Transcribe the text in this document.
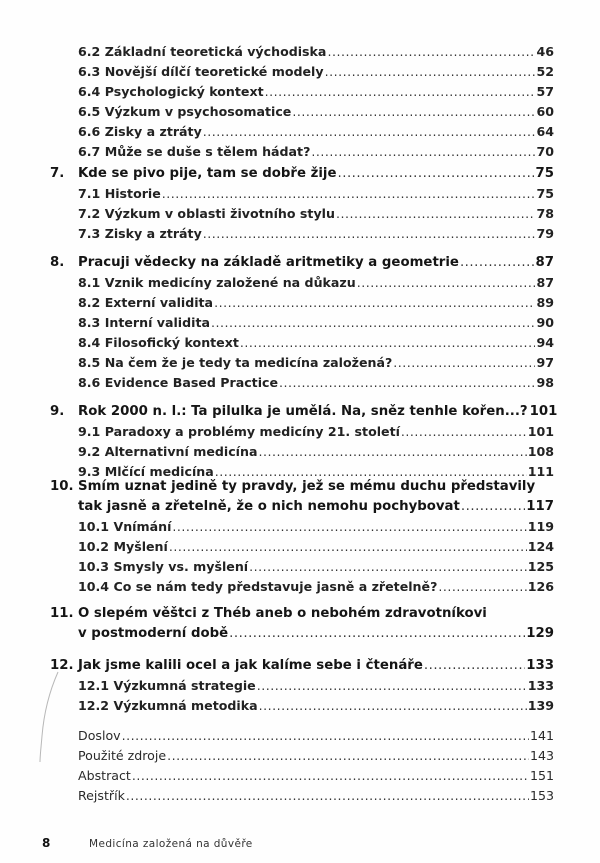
6.2 Základní teoretická východiska .....	46
6.3 Novější dílčí teoretické modely .....	52
6.4 Psychologický kontext .....	57
6.5 Výzkum v psychosomatice .....	60
6.6 Zisky a ztráty .....	64
6.7 Může se duše s tělem hádat? .....	70
7.	Kde se pivo pije, tam se dobře žije .....	75
7.1 Historie .....	75
7.2 Výzkum v oblasti životního stylu .....	78
7.3 Zisky a ztráty .....	79
8.	Pracuji vědecky na základě aritmetiky a geometrie .....	87
8.1 Vznik medicíny založené na důkazu .....	87
8.2 Externí validita .....	89
8.3 Interní validita .....	90
8.4 Filosofický kontext .....	94
8.5 Na čem že je tedy ta medicína založená? .....	97
8.6 Evidence Based Practice .....	98
9.	Rok 2000 n. l.: Ta pilulka je umělá. Na, sněz tenhle kořen...? 101
9.1 Paradoxy a problémy medicíny 21. století .....	101
9.2 Alternativní medicína .....	108
9.3 Mlčící medicína .....	111
10. Smím uznat jedině ty pravdy, jež se mému duchu představily
tak jasně a zřetelně, že o nich nemohu pochybovat .....	117
10.1 Vnímání .....	119
10.2 Myšlení .....	124
10.3 Smysly vs. myšlení .....	125
10.4 Co se nám tedy představuje jasně a zřetelně? .....	126
11. O slepém věštci z Théb aneb o nebohém zdravotníkovi
v postmoderní době .....	129
12. Jak jsme kalili ocel a jak kalíme sebe i čtenáře .....	133
12.1 Výzkumná strategie .....	133
12.2 Výzkumná metodika .....	139
Doslov .....	141
Použité zdroje .....	143
Abstract .....	151
Rejstřík .....	153
8	Medicína založená na důvěře
